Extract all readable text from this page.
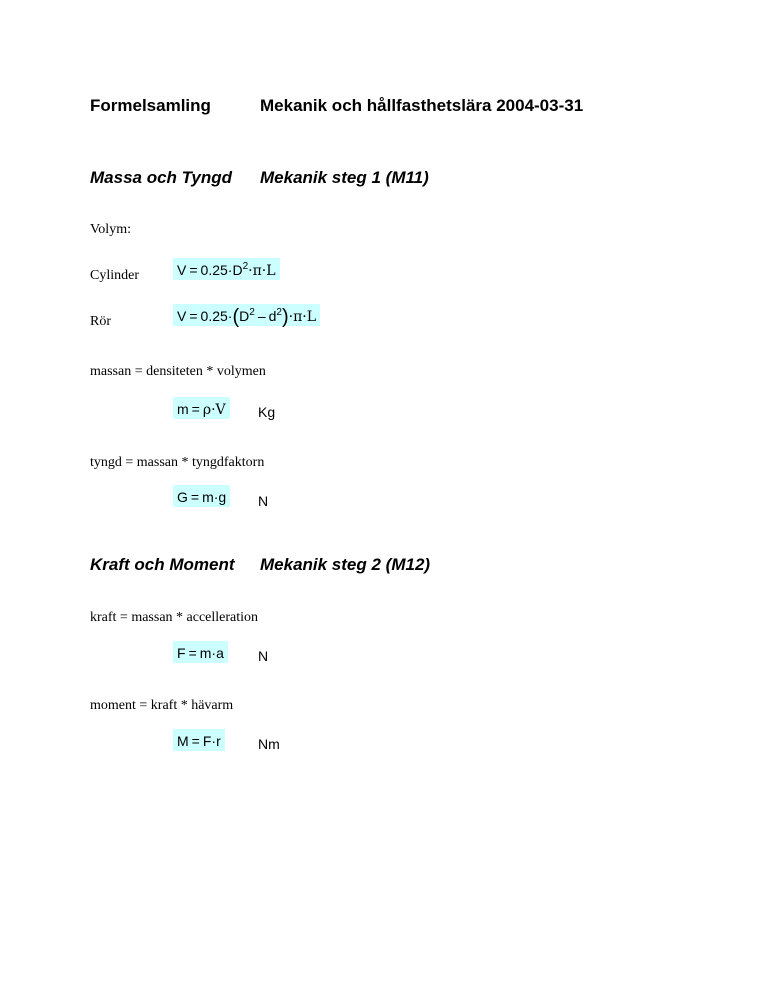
Formelsamling	Mekanik och hållfasthetslära 2004-03-31
Massa och Tyngd Mekanik steg 1 (M11)
Volym:
Cylinder	$V = 0.25\cdot D^2\cdot\pi\cdot L$
Rör	$V = 0.25\cdot(D^2 - d^2)\cdot\pi\cdot L$
massan = densiteten * volymen
m = ρ·V Kg
tyngd = massan * tyngdfaktorn
G = m·g N
Kraft och Moment Mekanik steg 2 (M12)
kraft = massan * accelleration
F = m·a N
moment = kraft * hävarm
M = F·r	Nm
